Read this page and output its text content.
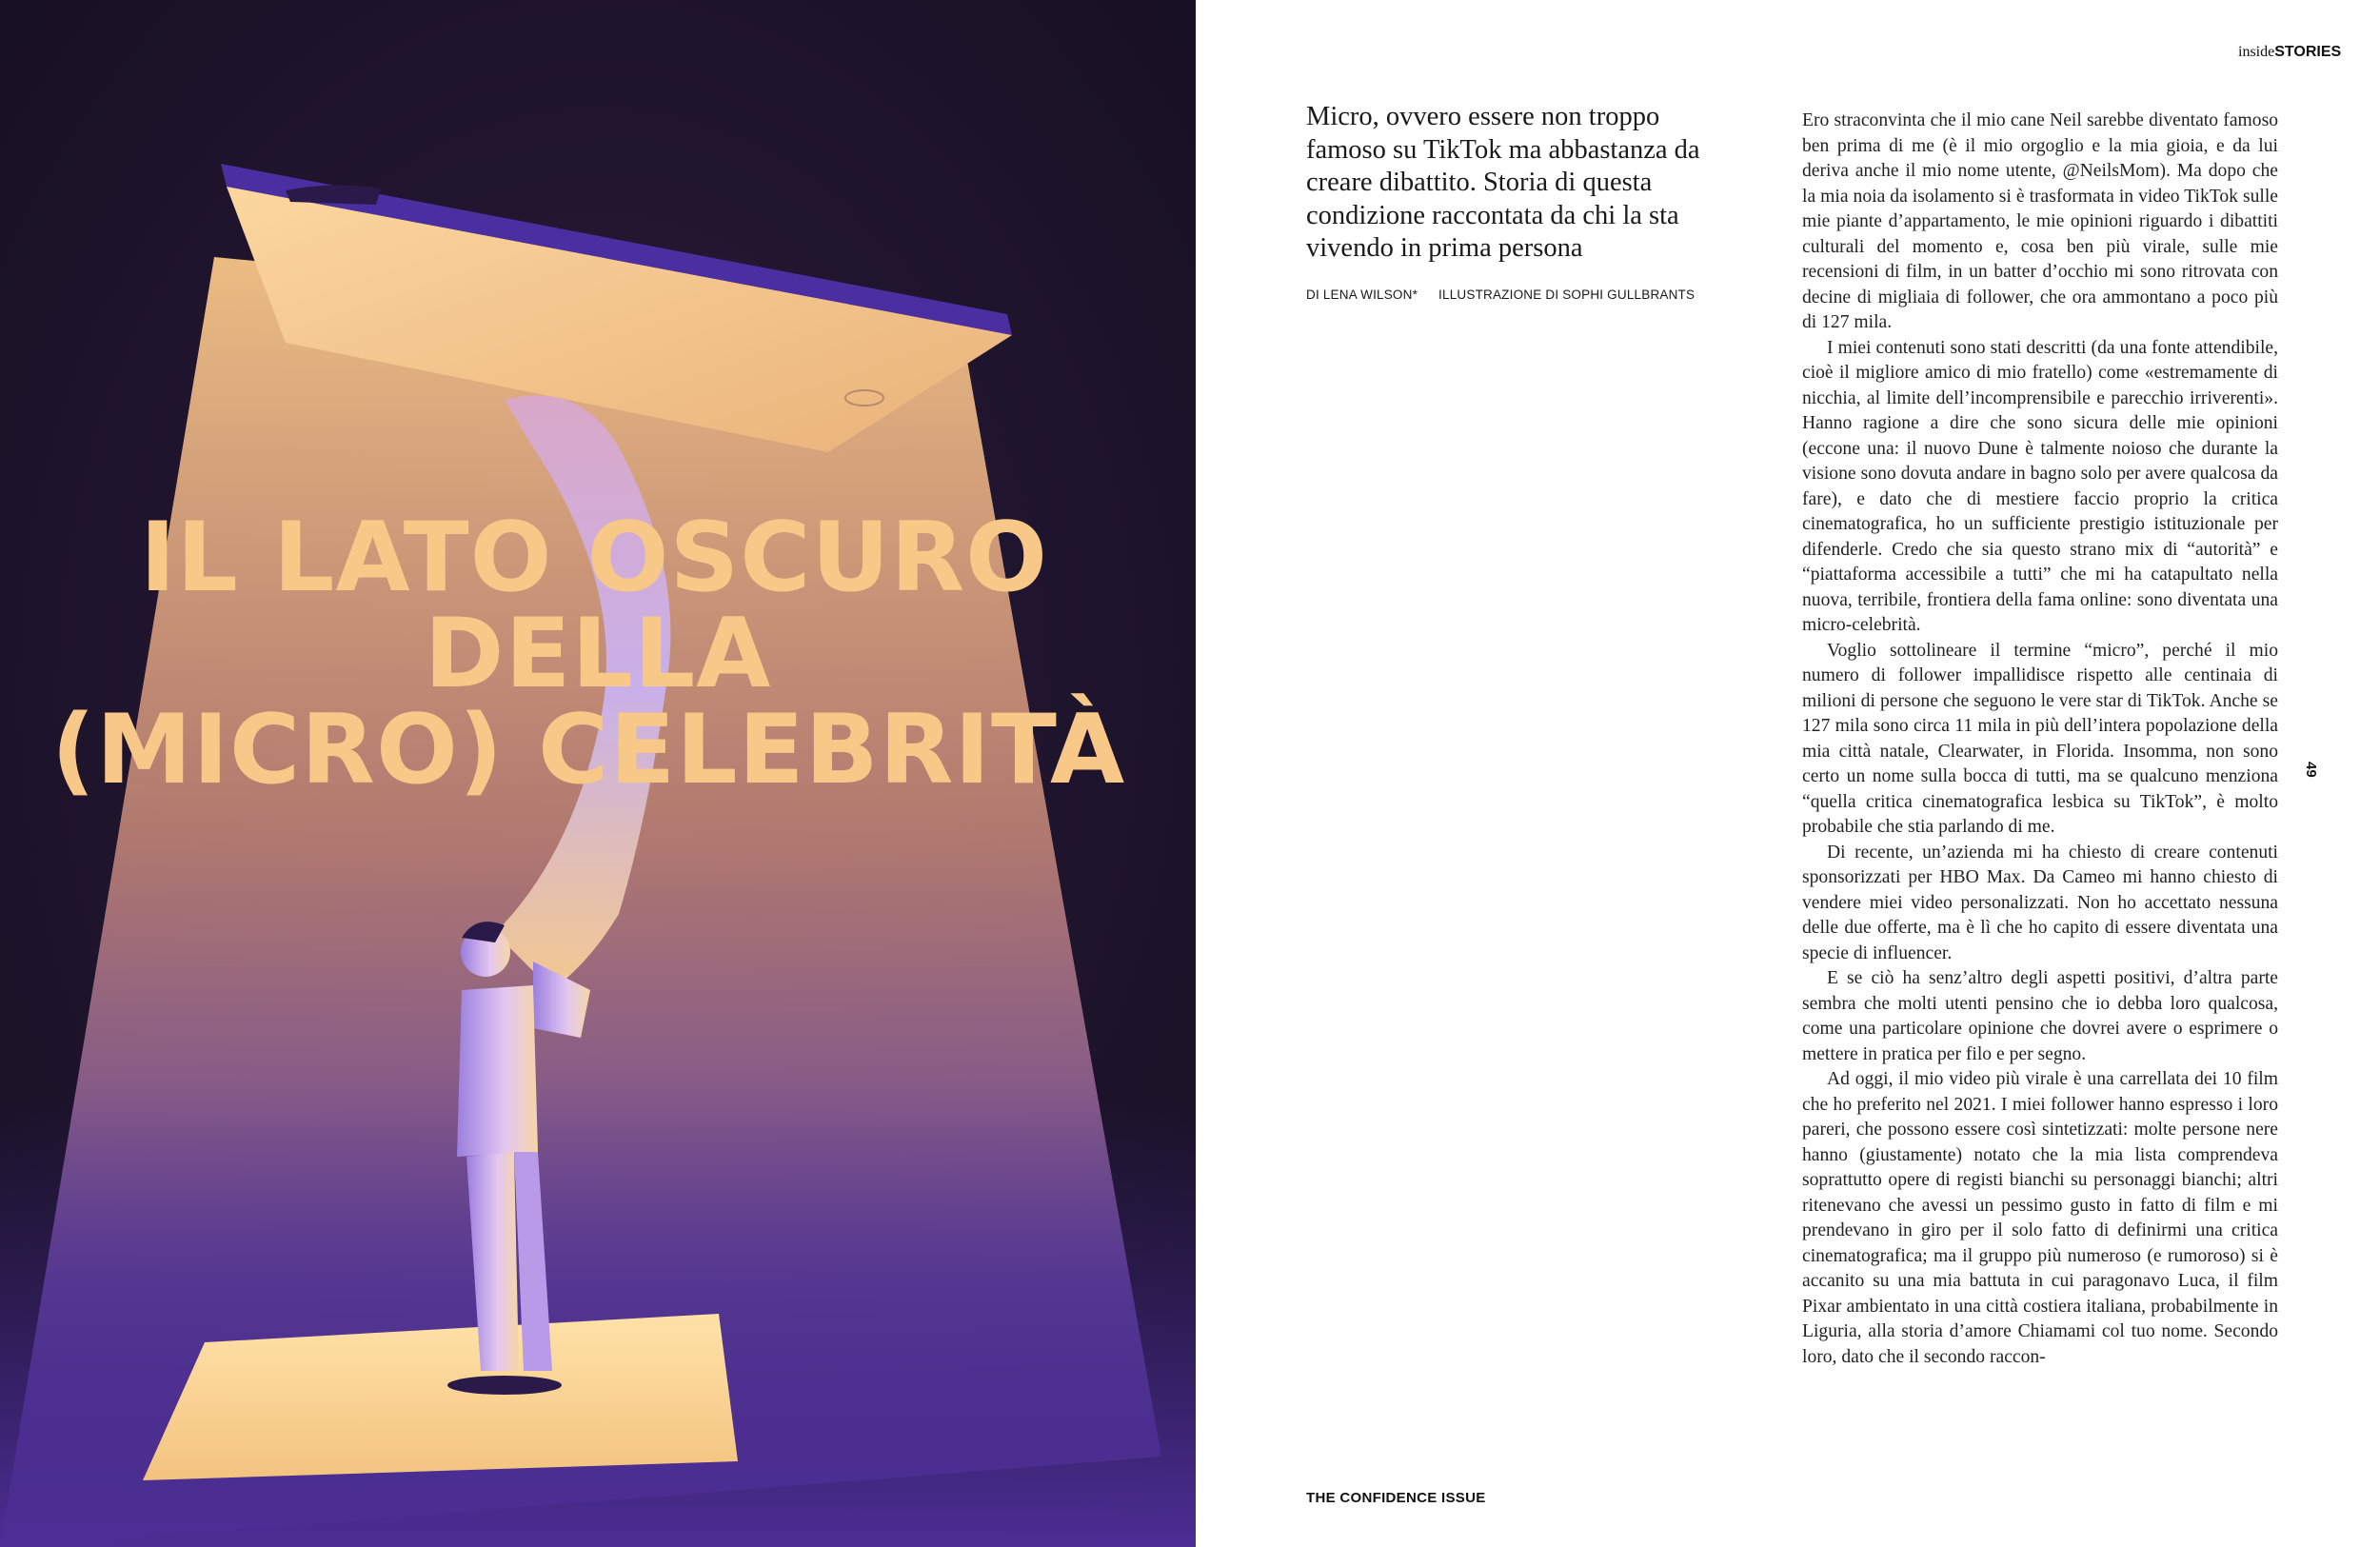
IL LATO OSCURO
DELLA
(MICRO) CELEBRITÀ

insideSTORIES

Micro, ovvero essere non troppo famoso su TikTok ma abbastanza da creare dibattito. Storia di questa condizione raccontata da chi la sta vivendo in prima persona

DI LENA WILSON* ILLUSTRAZIONE DI SOPHI GULLBRANTS

Ero straconvinta che il mio cane Neil sarebbe diventato famoso ben prima di me (è il mio orgoglio e la mia gioia, e da lui deriva anche il mio nome utente, @NeilsMom). Ma dopo che la mia noia da isolamento si è trasformata in video TikTok sulle mie piante d’appartamento, le mie opinioni riguardo i dibattiti culturali del momento e, cosa ben più virale, sulle mie recensioni di film, in un batter d’occhio mi sono ritrovata con decine di migliaia di follower, che ora ammontano a poco più di 127 mila.

I miei contenuti sono stati descritti (da una fonte attendibile, cioè il migliore amico di mio fratello) come «estremamente di nicchia, al limite dell’incomprensibile e parecchio irriverenti». Hanno ragione a dire che sono sicura delle mie opinioni (eccone una: il nuovo Dune è talmente noioso che durante la visione sono dovuta andare in bagno solo per avere qualcosa da fare), e dato che di mestiere faccio proprio la critica cinematografica, ho un sufficiente prestigio istituzionale per difenderle. Credo che sia questo strano mix di “autorità” e “piattaforma accessibile a tutti” che mi ha catapultato nella nuova, terribile, frontiera della fama online: sono diventata una micro-celebrità.

Voglio sottolineare il termine “micro”, perché il mio numero di follower impallidisce rispetto alle centinaia di milioni di persone che seguono le vere star di TikTok. Anche se 127 mila sono circa 11 mila in più dell’intera popolazione della mia città natale, Clearwater, in Florida. Insomma, non sono certo un nome sulla bocca di tutti, ma se qualcuno menziona “quella critica cinematografica lesbica su TikTok”, è molto probabile che stia parlando di me.

Di recente, un’azienda mi ha chiesto di creare contenuti sponsorizzati per HBO Max. Da Cameo mi hanno chiesto di vendere miei video personalizzati. Non ho accettato nessuna delle due offerte, ma è lì che ho capito di essere diventata una specie di influencer.

E se ciò ha senz’altro degli aspetti positivi, d’altra parte sembra che molti utenti pensino che io debba loro qualcosa, come una particolare opinione che dovrei avere o esprimere o mettere in pratica per filo e per segno.

Ad oggi, il mio video più virale è una carrellata dei 10 film che ho preferito nel 2021. I miei follower hanno espresso i loro pareri, che possono essere così sintetizzati: molte persone nere hanno (giustamente) notato che la mia lista comprendeva soprattutto opere di registi bianchi su personaggi bianchi; altri ritenevano che avessi un pessimo gusto in fatto di film e mi prendevano in giro per il solo fatto di definirmi una critica cinematografica; ma il gruppo più numeroso (e rumoroso) si è accanito su una mia battuta in cui paragonavo Luca, il film Pixar ambientato in una città costiera italiana, probabilmente in Liguria, alla storia d’amore Chiamami col tuo nome. Secondo loro, dato che il secondo raccon-

49

THE CONFIDENCE ISSUE
